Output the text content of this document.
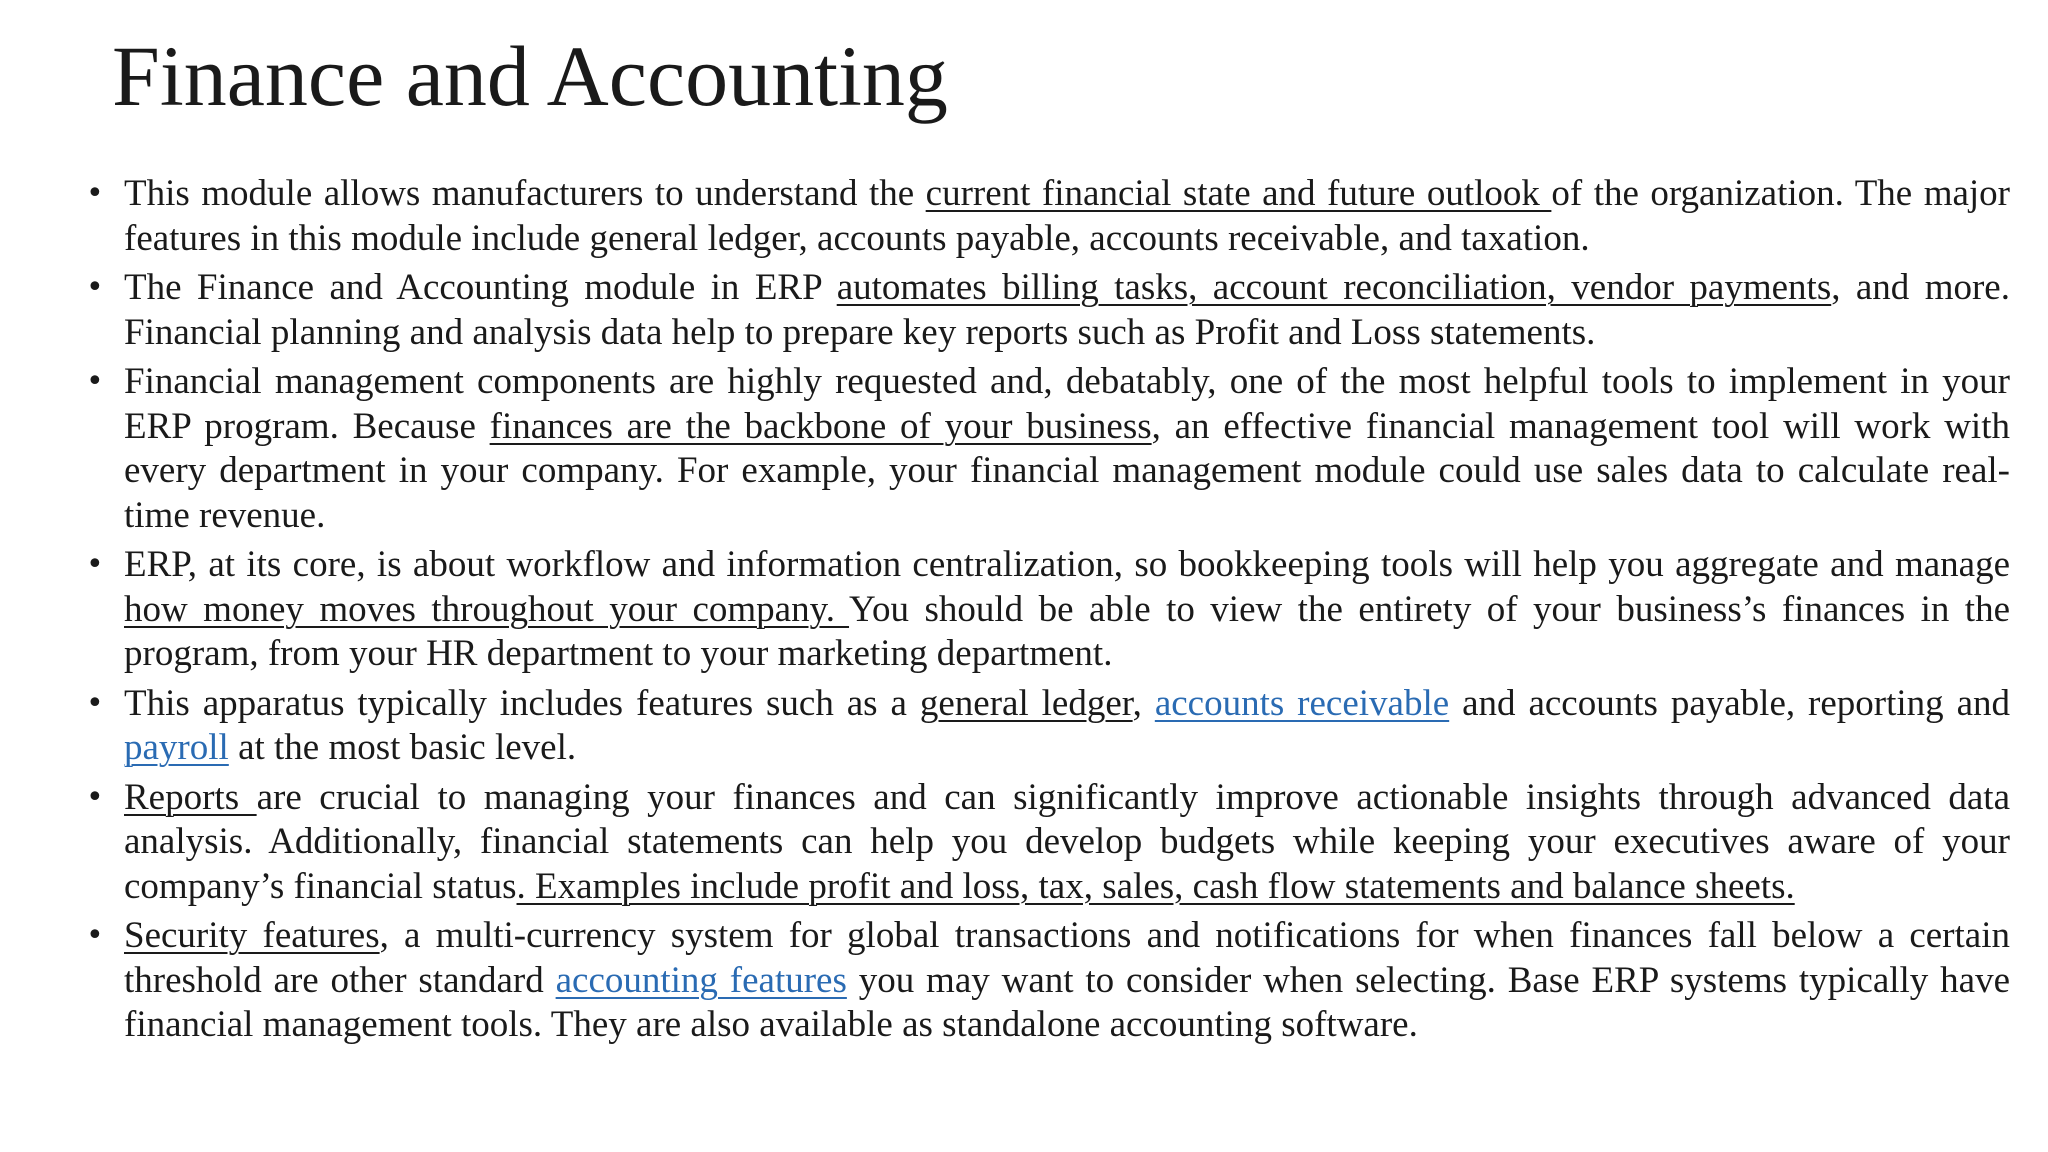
Finance and Accounting
• This module allows manufacturers to understand the current financial state and future outlook of the organization. The major features in this module include general ledger, accounts payable, accounts receivable, and taxation.
• The Finance and Accounting module in ERP automates billing tasks, account reconciliation, vendor payments, and more. Financial planning and analysis data help to prepare key reports such as Profit and Loss statements.
• Financial management components are highly requested and, debatably, one of the most helpful tools to implement in your ERP program. Because finances are the backbone of your business, an effective financial management tool will work with every department in your company. For example, your financial management module could use sales data to calculate real-time revenue.
• ERP, at its core, is about workflow and information centralization, so bookkeeping tools will help you aggregate and manage how money moves throughout your company. You should be able to view the entirety of your business’s finances in the program, from your HR department to your marketing department.
• This apparatus typically includes features such as a general ledger, accounts receivable and accounts payable, reporting and payroll at the most basic level.
• Reports are crucial to managing your finances and can significantly improve actionable insights through advanced data analysis. Additionally, financial statements can help you develop budgets while keeping your executives aware of your company’s financial status. Examples include profit and loss, tax, sales, cash flow statements and balance sheets.
• Security features, a multi-currency system for global transactions and notifications for when finances fall below a certain threshold are other standard accounting features you may want to consider when selecting. Base ERP systems typically have financial management tools. They are also available as standalone accounting software.
